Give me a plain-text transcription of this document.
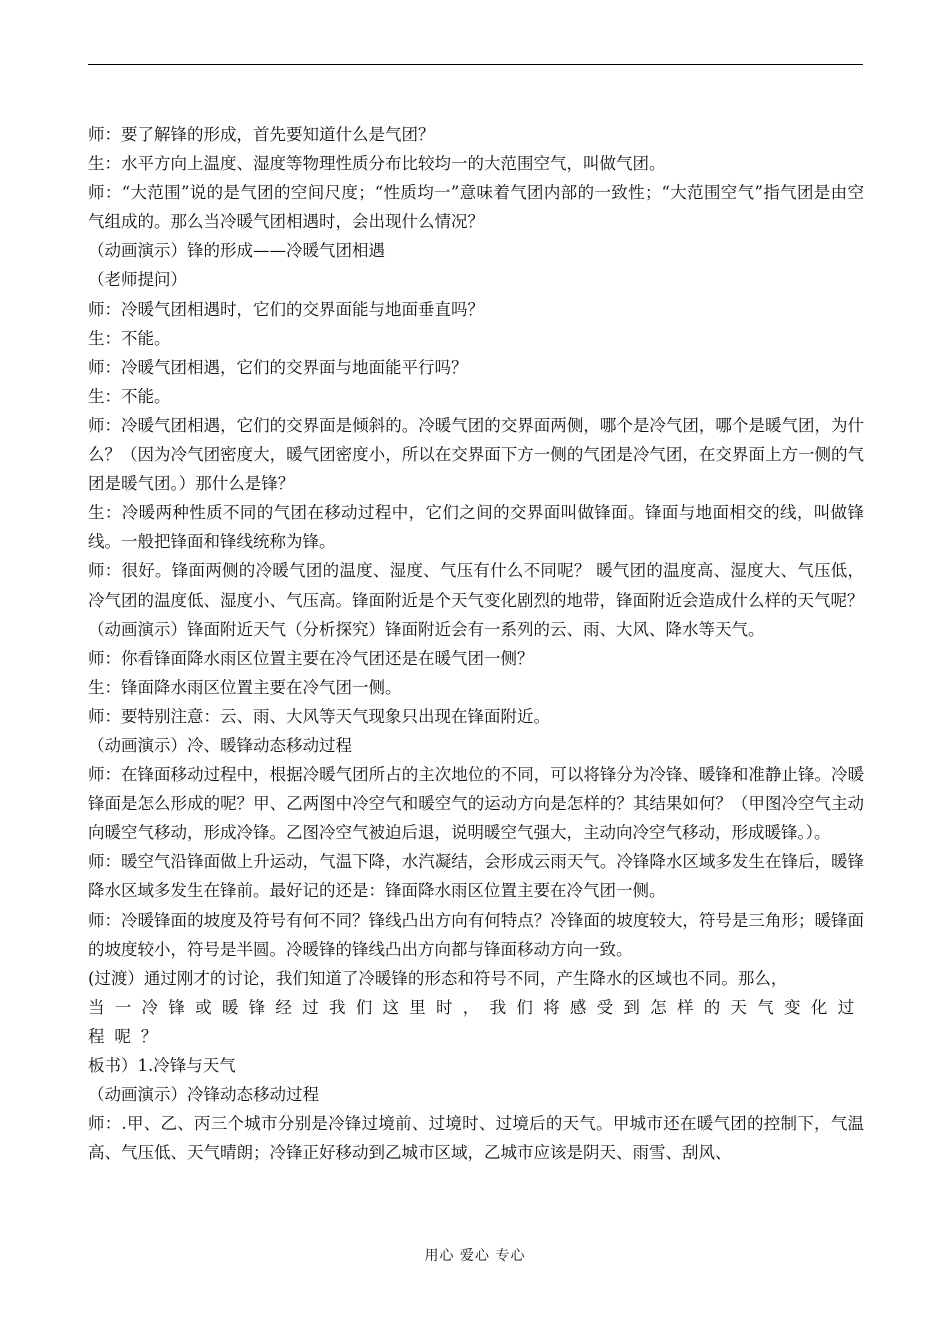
师：要了解锋的形成，首先要知道什么是气团？

生：水平方向上温度、湿度等物理性质分布比较均一的大范围空气，叫做气团。

师：“大范围”说的是气团的空间尺度；“性质均一”意味着气团内部的一致性；“大范围空气”指气团是由空气组成的。那么当冷暖气团相遇时，会出现什么情况？

（动画演示）锋的形成——冷暖气团相遇

（老师提问）

师：冷暖气团相遇时，它们的交界面能与地面垂直吗？

生：不能。

师：冷暖气团相遇，它们的交界面与地面能平行吗？

生：不能。

师：冷暖气团相遇，它们的交界面是倾斜的。冷暖气团的交界面两侧，哪个是冷气团，哪个是暖气团，为什么？（因为冷气团密度大，暖气团密度小，所以在交界面下方一侧的气团是冷气团，在交界面上方一侧的气团是暖气团。）那什么是锋？

生：冷暖两种性质不同的气团在移动过程中，它们之间的交界面叫做锋面。锋面与地面相交的线，叫做锋线。一般把锋面和锋线统称为锋。

师：很好。锋面两侧的冷暖气团的温度、湿度、气压有什么不同呢？ 暖气团的温度高、湿度大、气压低，冷气团的温度低、湿度小、气压高。锋面附近是个天气变化剧烈的地带，锋面附近会造成什么样的天气呢？

（动画演示）锋面附近天气（分析探究）锋面附近会有一系列的云、雨、大风、降水等天气。

师：你看锋面降水雨区位置主要在冷气团还是在暖气团一侧？

生：锋面降水雨区位置主要在冷气团一侧。

师：要特别注意：云、雨、大风等天气现象只出现在锋面附近。

（动画演示）冷、暖锋动态移动过程

师：在锋面移动过程中，根据冷暖气团所占的主次地位的不同，可以将锋分为冷锋、暖锋和准静止锋。冷暖锋面是怎么形成的呢？甲、乙两图中冷空气和暖空气的运动方向是怎样的？其结果如何？（甲图冷空气主动向暖空气移动，形成冷锋。乙图冷空气被迫后退，说明暖空气强大，主动向冷空气移动，形成暖锋。）。

师：暖空气沿锋面做上升运动，气温下降，水汽凝结，会形成云雨天气。冷锋降水区域多发生在锋后，暖锋降水区域多发生在锋前。最好记的还是：锋面降水雨区位置主要在冷气团一侧。

师：冷暖锋面的坡度及符号有何不同？锋线凸出方向有何特点？冷锋面的坡度较大，符号是三角形；暖锋面的坡度较小，符号是半圆。冷暖锋的锋线凸出方向都与锋面移动方向一致。

(过渡）通过刚才的讨论，我们知道了冷暖锋的形态和符号不同，产生降水的区域也不同。那么，

当一冷锋或暖锋经过我们这里时，我们将感受到怎样的天气变化过程呢？

板书）1.冷锋与天气

（动画演示）冷锋动态移动过程

师：.甲、乙、丙三个城市分别是冷锋过境前、过境时、过境后的天气。甲城市还在暖气团的控制下，气温高、气压低、天气晴朗；冷锋正好移动到乙城市区域，乙城市应该是阴天、雨雪、刮风、

用心 爱心 专心
